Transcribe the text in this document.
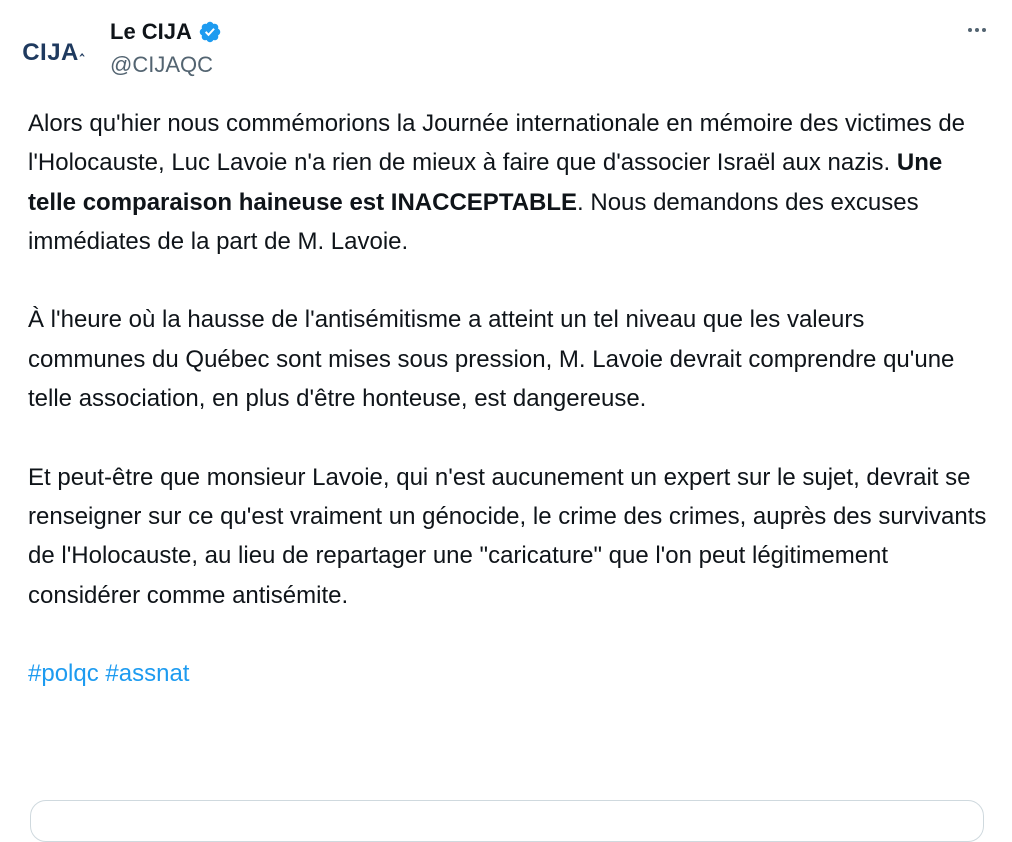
CIJA‸
Le CIJA
@CIJAQC

Alors qu'hier nous commémorions la Journée internationale en mémoire des victimes de l'Holocauste, Luc Lavoie n'a rien de mieux à faire que d'associer Israël aux nazis. Une telle comparaison haineuse est INACCEPTABLE. Nous demandons des excuses immédiates de la part de M. Lavoie.

À l'heure où la hausse de l'antisémitisme a atteint un tel niveau que les valeurs communes du Québec sont mises sous pression, M. Lavoie devrait comprendre qu'une telle association, en plus d'être honteuse, est dangereuse.

Et peut-être que monsieur Lavoie, qui n'est aucunement un expert sur le sujet, devrait se renseigner sur ce qu'est vraiment un génocide, le crime des crimes, auprès des survivants de l'Holocauste, au lieu de repartager une "caricature" que l'on peut légitimement considérer comme antisémite.

#polqc #assnat
